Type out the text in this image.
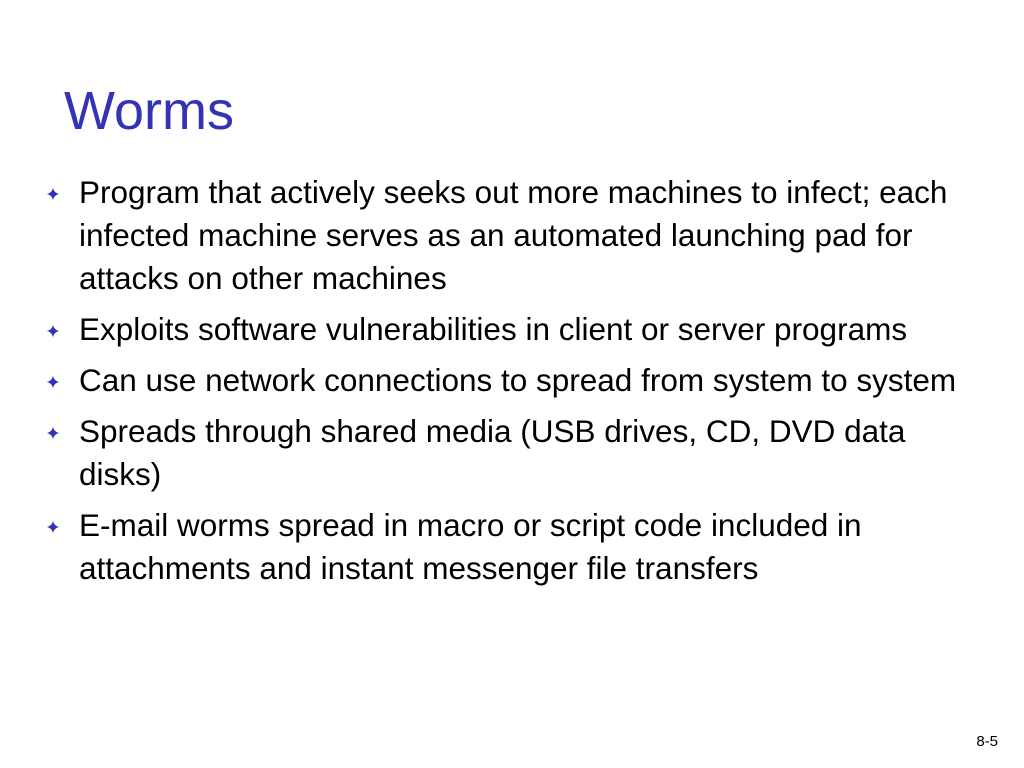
Worms
Program that actively seeks out more machines to infect; each infected machine serves as an automated launching pad for attacks on other machines
Exploits software vulnerabilities in client or server programs
Can use network connections to spread from system to system
Spreads through shared media (USB drives, CD, DVD data disks)
E-mail worms spread in macro or script code included in attachments and instant messenger file transfers
8-5
